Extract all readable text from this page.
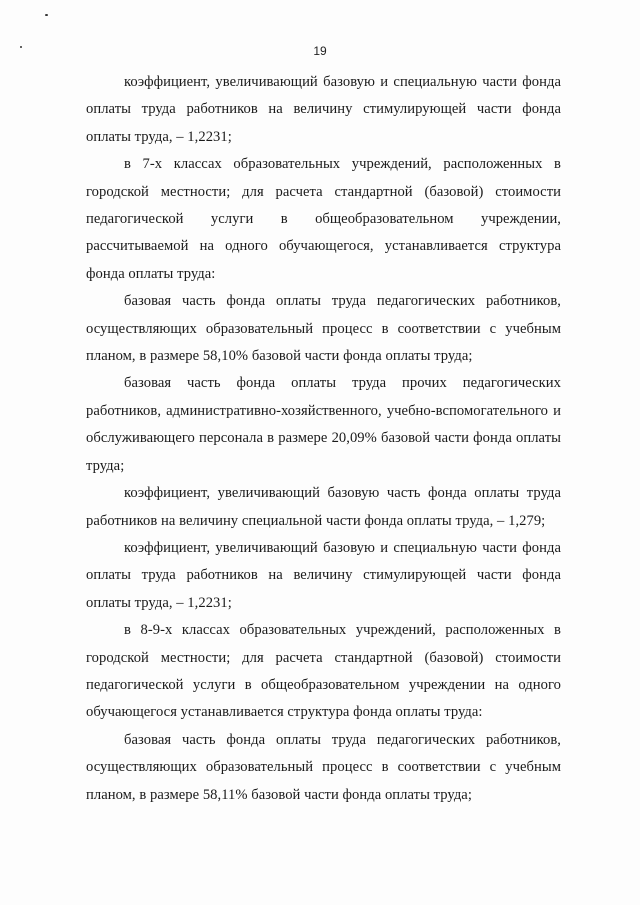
19

коэффициент, увеличивающий базовую и специальную части фонда оплаты труда работников на величину стимулирующей части фонда оплаты труда, – 1,2231;

в 7-х классах образовательных учреждений, расположенных в городской местности; для расчета стандартной (базовой) стоимости педагогической услуги в общеобразовательном учреждении, рассчитываемой на одного обучающегося, устанавливается структура фонда оплаты труда:

базовая часть фонда оплаты труда педагогических работников, осуществляющих образовательный процесс в соответствии с учебным планом, в размере 58,10% базовой части фонда оплаты труда;

базовая часть фонда оплаты труда прочих педагогических работников, административно-хозяйственного, учебно-вспомогательного и обслуживающего персонала в размере 20,09% базовой части фонда оплаты труда;

коэффициент, увеличивающий базовую часть фонда оплаты труда работников на величину специальной части фонда оплаты труда, – 1,279;

коэффициент, увеличивающий базовую и специальную части фонда оплаты труда работников на величину стимулирующей части фонда оплаты труда, – 1,2231;

в 8-9-х классах образовательных учреждений, расположенных в городской местности; для расчета стандартной (базовой) стоимости педагогической услуги в общеобразовательном учреждении на одного обучающегося устанавливается структура фонда оплаты труда:

базовая часть фонда оплаты труда педагогических работников, осуществляющих образовательный процесс в соответствии с учебным планом, в размере 58,11% базовой части фонда оплаты труда;
